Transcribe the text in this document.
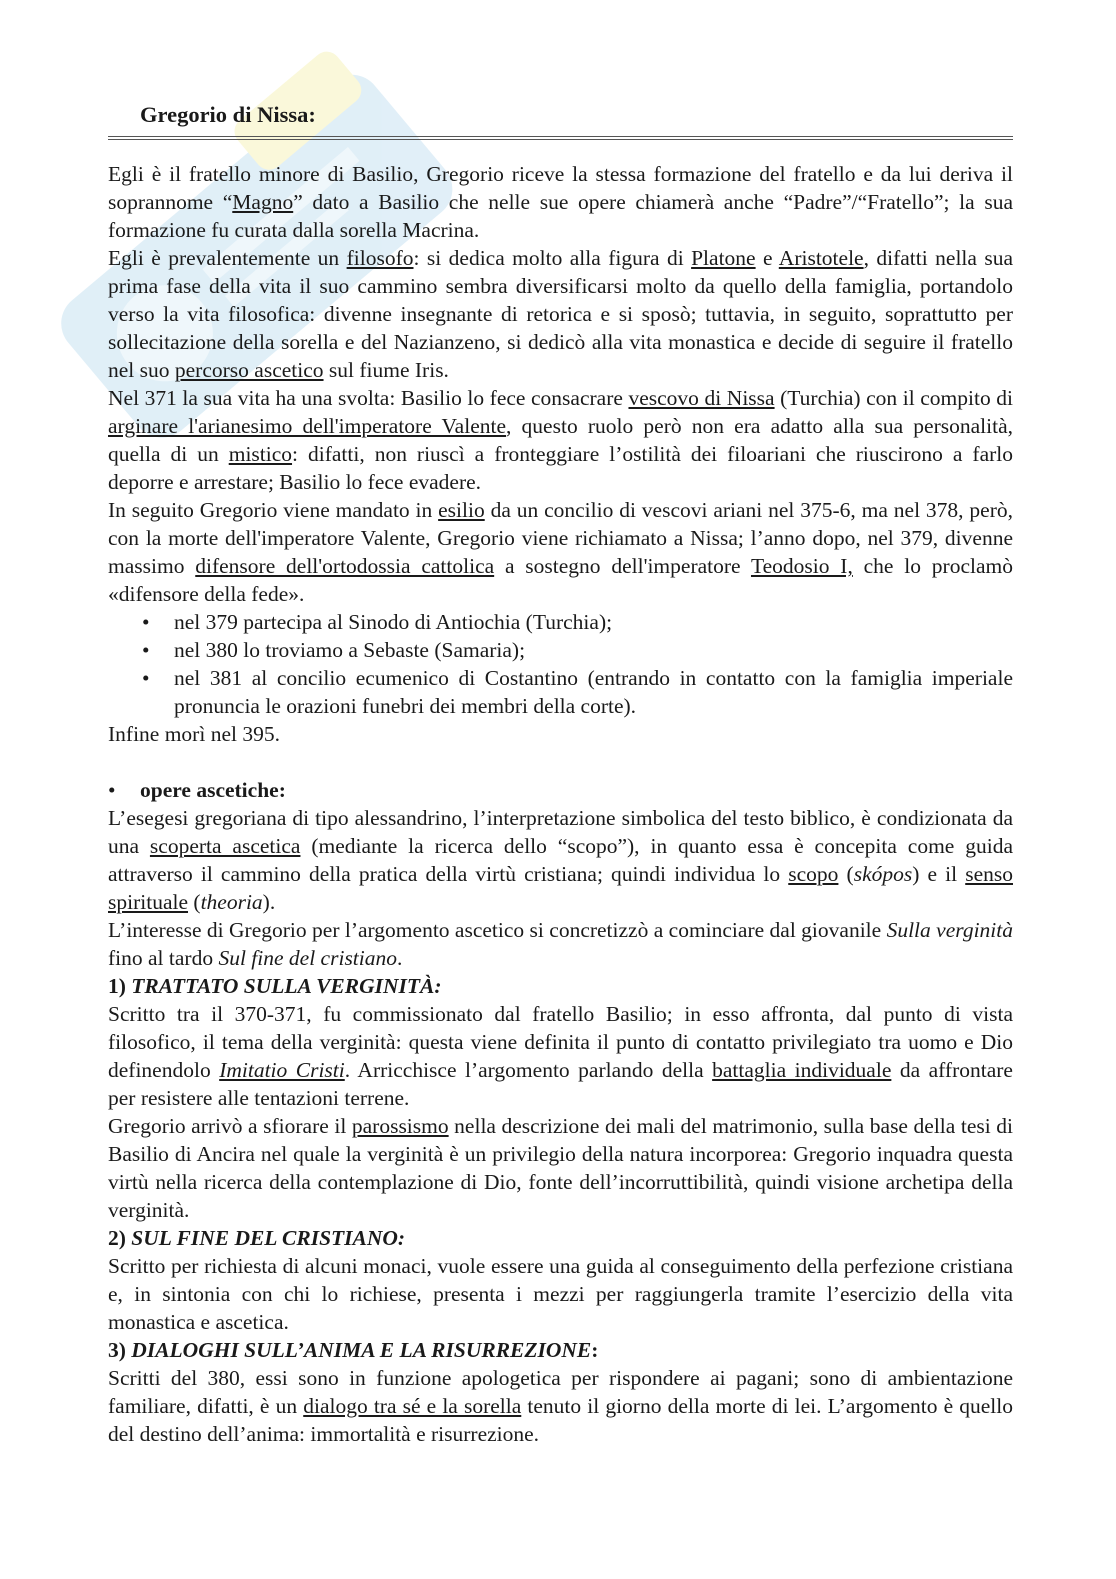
Gregorio di Nissa:

Egli è il fratello minore di Basilio, Gregorio riceve la stessa formazione del fratello e da lui deriva il soprannome “Magno” dato a Basilio che nelle sue opere chiamerà anche “Padre”/“Fratello”; la sua formazione fu curata dalla sorella Macrina.

Egli è prevalentemente un filosofo: si dedica molto alla figura di Platone e Aristotele, difatti nella sua prima fase della vita il suo cammino sembra diversificarsi molto da quello della famiglia, portandolo verso la vita filosofica: divenne insegnante di retorica e si sposò; tuttavia, in seguito, soprattutto per sollecitazione della sorella e del Nazianzeno, si dedicò alla vita monastica e decide di seguire il fratello nel suo percorso ascetico sul fiume Iris.

Nel 371 la sua vita ha una svolta: Basilio lo fece consacrare vescovo di Nissa (Turchia) con il compito di arginare l'arianesimo dell'imperatore Valente, questo ruolo però non era adatto alla sua personalità, quella di un mistico: difatti, non riuscì a fronteggiare l’ostilità dei filoariani che riuscirono a farlo deporre e arrestare; Basilio lo fece evadere.

In seguito Gregorio viene mandato in esilio da un concilio di vescovi ariani nel 375-6, ma nel 378, però, con la morte dell'imperatore Valente, Gregorio viene richiamato a Nissa; l’anno dopo, nel 379, divenne massimo difensore dell'ortodossia cattolica a sostegno dell'imperatore Teodosio I, che lo proclamò «difensore della fede».

• nel 379 partecipa al Sinodo di Antiochia (Turchia);
• nel 380 lo troviamo a Sebaste (Samaria);
• nel 381 al concilio ecumenico di Costantino (entrando in contatto con la famiglia imperiale pronuncia le orazioni funebri dei membri della corte).

Infine morì nel 395.

• opere ascetiche:

L’esegesi gregoriana di tipo alessandrino, l’interpretazione simbolica del testo biblico, è condizionata da una scoperta ascetica (mediante la ricerca dello “scopo”), in quanto essa è concepita come guida attraverso il cammino della pratica della virtù cristiana; quindi individua lo scopo (skópos) e il senso spirituale (theoria).

L’interesse di Gregorio per l’argomento ascetico si concretizzò a cominciare dal giovanile Sulla verginità fino al tardo Sul fine del cristiano.

1) TRATTATO SULLA VERGINITÀ:

Scritto tra il 370-371, fu commissionato dal fratello Basilio; in esso affronta, dal punto di vista filosofico, il tema della verginità: questa viene definita il punto di contatto privilegiato tra uomo e Dio definendolo Imitatio Cristi. Arricchisce l’argomento parlando della battaglia individuale da affrontare per resistere alle tentazioni terrene.

Gregorio arrivò a sfiorare il parossismo nella descrizione dei mali del matrimonio, sulla base della tesi di Basilio di Ancira nel quale la verginità è un privilegio della natura incorporea: Gregorio inquadra questa virtù nella ricerca della contemplazione di Dio, fonte dell’incorruttibilità, quindi visione archetipa della verginità.

2) SUL FINE DEL CRISTIANO:

Scritto per richiesta di alcuni monaci, vuole essere una guida al conseguimento della perfezione cristiana e, in sintonia con chi lo richiese, presenta i mezzi per raggiungerla tramite l’esercizio della vita monastica e ascetica.

3) DIALOGHI SULL’ANIMA E LA RISURREZIONE:

Scritti del 380, essi sono in funzione apologetica per rispondere ai pagani; sono di ambientazione familiare, difatti, è un dialogo tra sé e la sorella tenuto il giorno della morte di lei. L’argomento è quello del destino dell’anima: immortalità e risurrezione.
